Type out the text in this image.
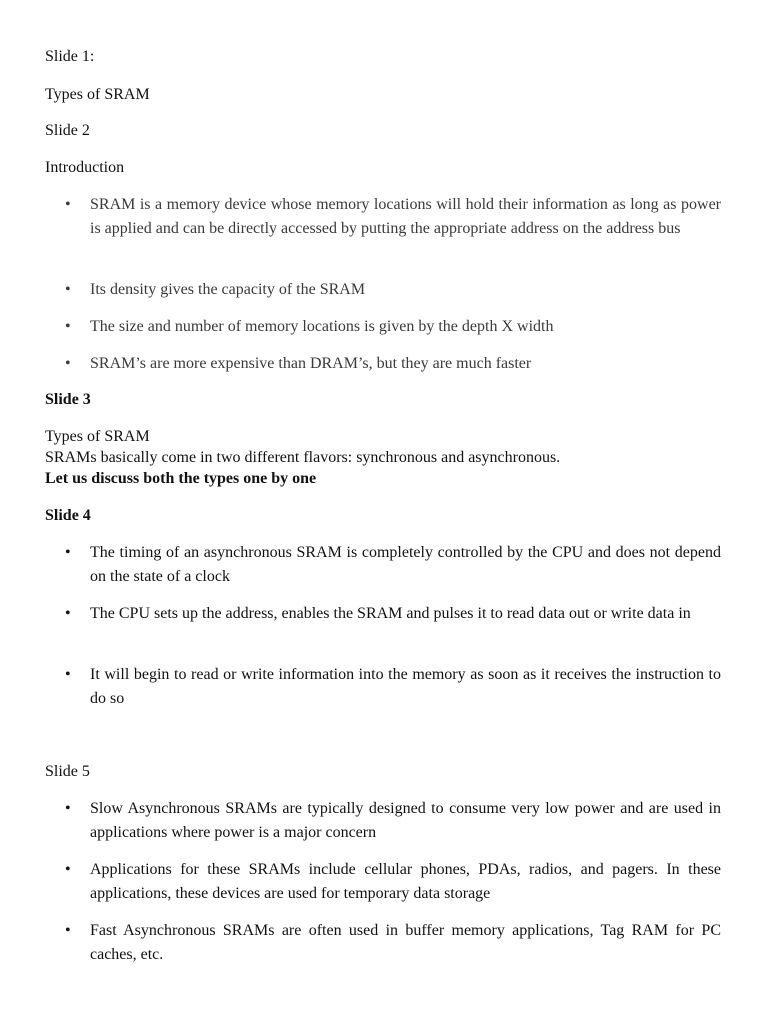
Slide 1:

Types of SRAM

Slide 2

Introduction

• SRAM is a memory device whose memory locations will hold their information as long as power is applied and can be directly accessed by putting the appropriate address on the address bus
• Its density gives the capacity of the SRAM
• The size and number of memory locations is given by the depth X width
• SRAM’s are more expensive than DRAM’s, but they are much faster

Slide 3

Types of SRAM

SRAMs basically come in two different flavors: synchronous and asynchronous.

Let us discuss both the types one by one

Slide 4

• The timing of an asynchronous SRAM is completely controlled by the CPU and does not depend on the state of a clock
• The CPU sets up the address, enables the SRAM and pulses it to read data out or write data in
• It will begin to read or write information into the memory as soon as it receives the instruction to do so

Slide 5

• Slow Asynchronous SRAMs are typically designed to consume very low power and are used in applications where power is a major concern
• Applications for these SRAMs include cellular phones, PDAs, radios, and pagers. In these applications, these devices are used for temporary data storage
• Fast Asynchronous SRAMs are often used in buffer memory applications, Tag RAM for PC caches, etc.
